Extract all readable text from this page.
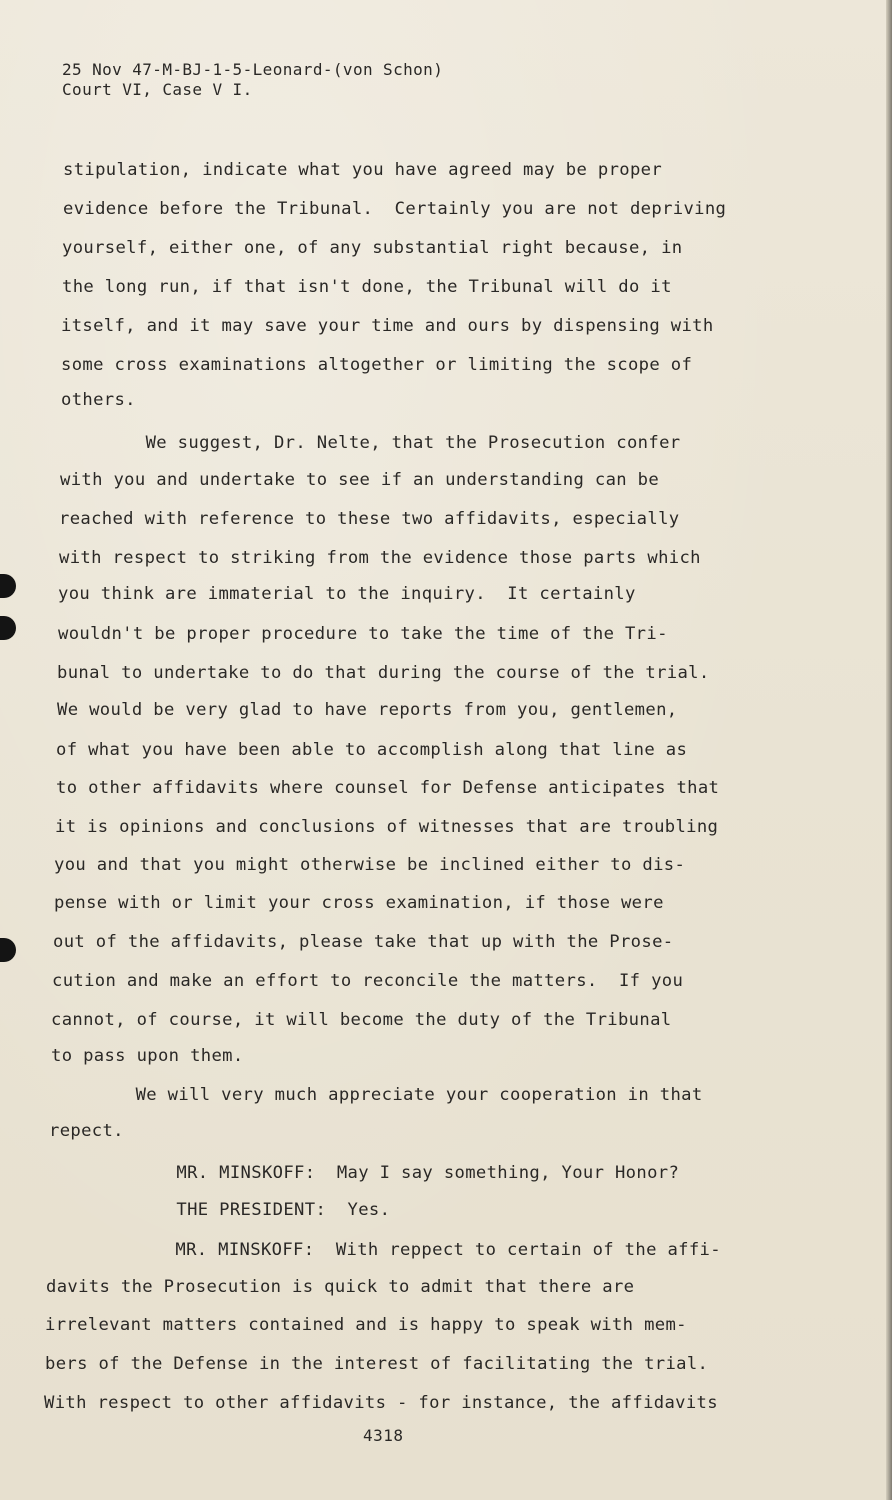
25 Nov 47-M-BJ-1-5-Leonard-(von Schon)
Court VI, Case V I.
stipulation, indicate what you have agreed may be proper
evidence before the Tribunal.  Certainly you are not depriving
yourself, either one, of any substantial right because, in
the long run, if that isn't done, the Tribunal will do it
itself, and it may save your time and ours by dispensing with
some cross examinations altogether or limiting the scope of
others.
We suggest, Dr. Nelte, that the Prosecution confer
with you and undertake to see if an understanding can be
reached with reference to these two affidavits, especially
with respect to striking from the evidence those parts which
you think are immaterial to the inquiry.  It certainly
wouldn't be proper procedure to take the time of the Tri-
bunal to undertake to do that during the course of the trial.
We would be very glad to have reports from you, gentlemen,
of what you have been able to accomplish along that line as
to other affidavits where counsel for Defense anticipates that
it is opinions and conclusions of witnesses that are troubling
you and that you might otherwise be inclined either to dis-
pense with or limit your cross examination, if those were
out of the affidavits, please take that up with the Prose-
cution and make an effort to reconcile the matters.  If you
cannot, of course, it will become the duty of the Tribunal
to pass upon them.
We will very much appreciate your cooperation in that
repect.
MR. MINSKOFF:  May I say something, Your Honor?
THE PRESIDENT:  Yes.
MR. MINSKOFF:  With reppect to certain of the affi-
davits the Prosecution is quick to admit that there are
irrelevant matters contained and is happy to speak with mem-
bers of the Defense in the interest of facilitating the trial.
With respect to other affidavits - for instance, the affidavits
4318
